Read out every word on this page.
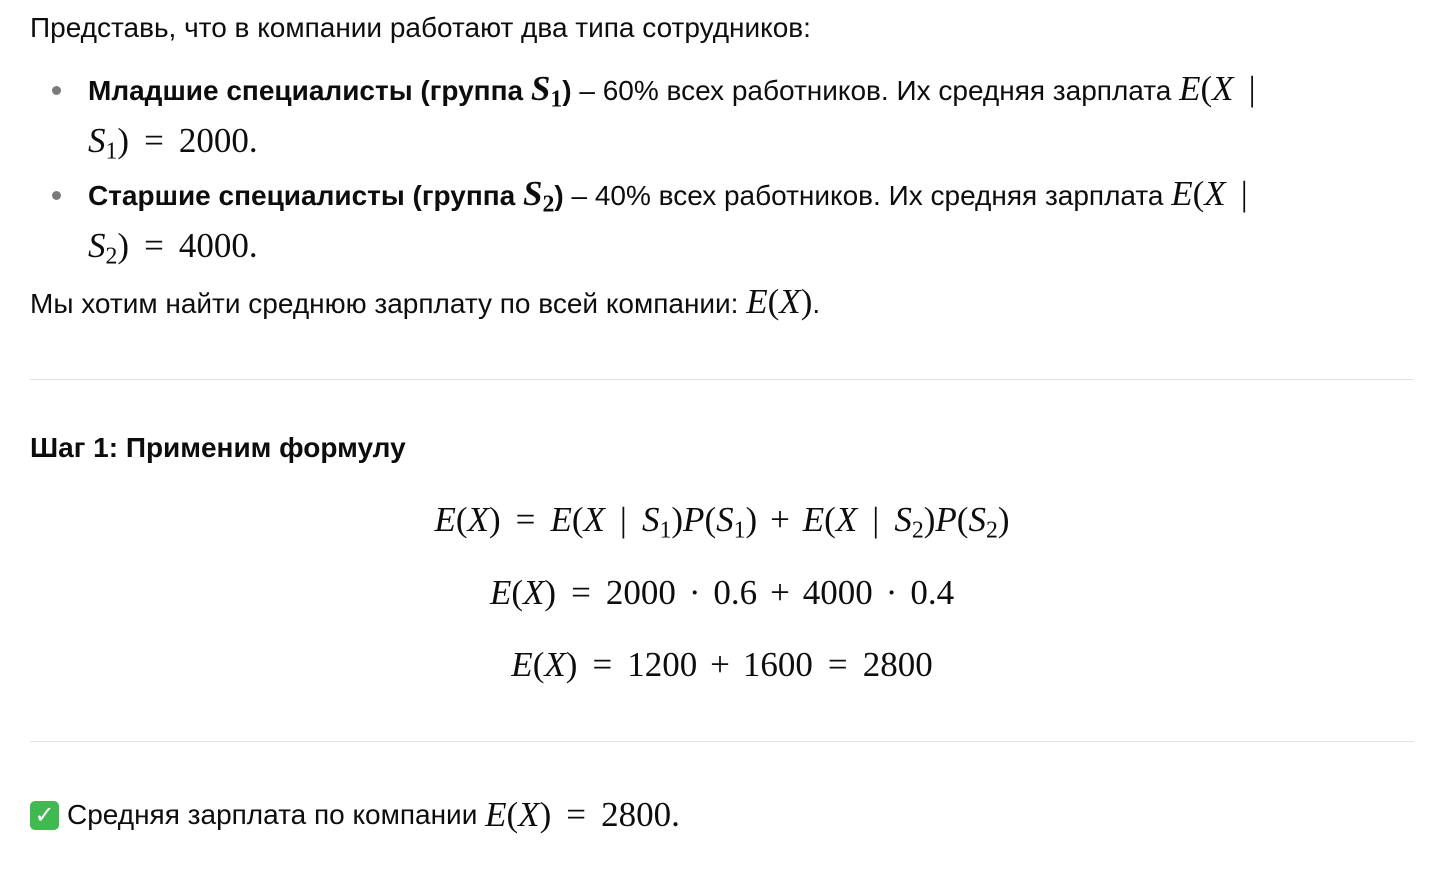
Представь, что в компании работают два типа сотрудников:
Младшие специалисты (группа $S_1) - 60\%$ всех работников. Их средняя зарплата E(X |
$S_1) = 2000$.
Старшие специалисты (группа $S_2) - 40\%$ всех работников. Их средняя зарплата E(X |
$S_2) = 4000$.
Мы хотим найти среднюю зарплату по всей компании: E(X).
Шаг 1: Применим формулу
E(X) = E(X | $S_1)P(S_1) + E(X$ | $S_2)P(S_2)$
E(X) = 2000 · 0.6 + 4000 · 0.4
E(X) = 1200 + 1600 = 2800
✓ Средняя зарплата по компании
E(X) = 2800.
